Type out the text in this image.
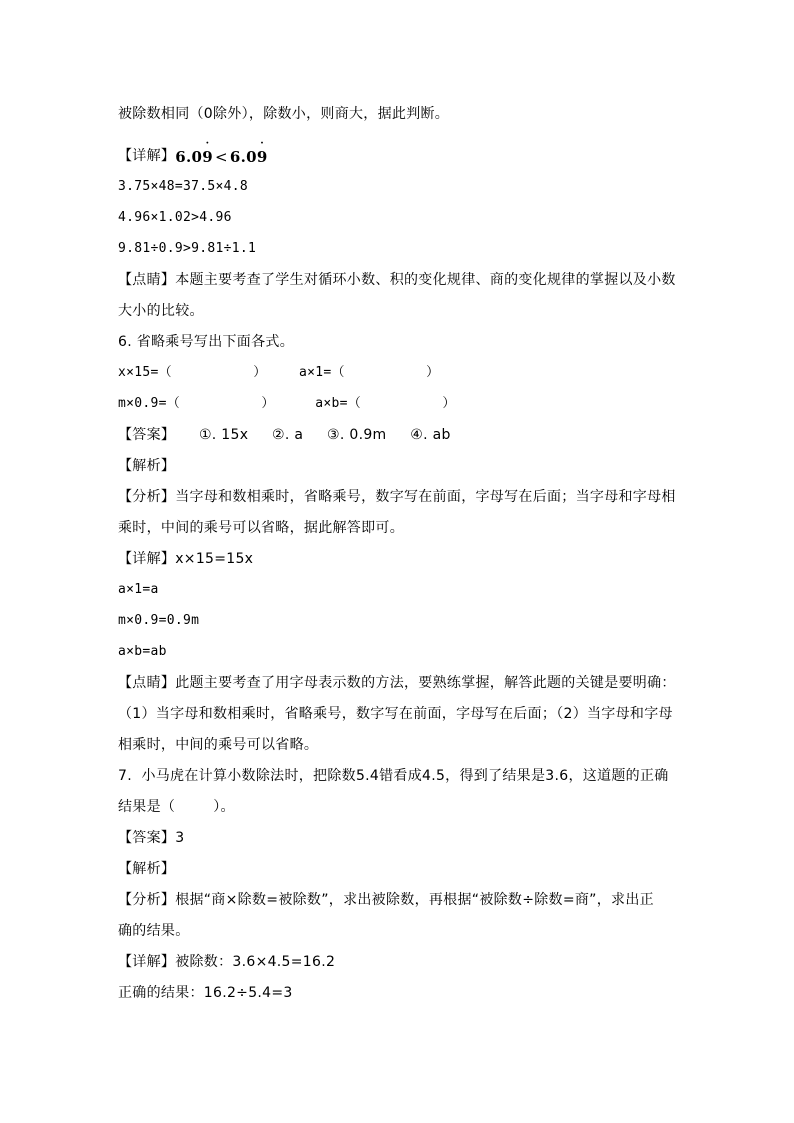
被除数相同（0除外），除数小，则商大，据此判断。
【详解】6.0
·
9 < 6.0
·
9
3.75×48=37.5×4.8
4.96×1.02>4.96
9.81÷0.9>9.81÷1.1
【点睛】本题主要考查了学生对循环小数、积的变化规律、商的变化规律的掌握以及小数
大小的比较。
6. 省略乘号写出下面各式。
x×15=（          ）    a×1=（          ）
m×0.9=（          ）     a×b=（          ）
【答案】     ①. 15x     ②. a     ③. 0.9m     ④. ab
【解析】
【分析】当字母和数相乘时，省略乘号，数字写在前面，字母写在后面；当字母和字母相
乘时，中间的乘号可以省略，据此解答即可。
【详解】x×15=15x
a×1=a
m×0.9=0.9m
a×b=ab
【点睛】此题主要考查了用字母表示数的方法，要熟练掌握，解答此题的关键是要明确：
（1）当字母和数相乘时，省略乘号，数字写在前面，字母写在后面；（2）当字母和字母
相乘时，中间的乘号可以省略。
7.  小马虎在计算小数除法时，把除数5.4错看成4.5，得到了结果是3.6，这道题的正确
结果是（        ）。
【答案】3
【解析】
【分析】根据“商×除数=被除数”，求出被除数，再根据“被除数÷除数=商”，求出正
确的结果。
【详解】被除数：3.6×4.5=16.2
正确的结果：16.2÷5.4=3
